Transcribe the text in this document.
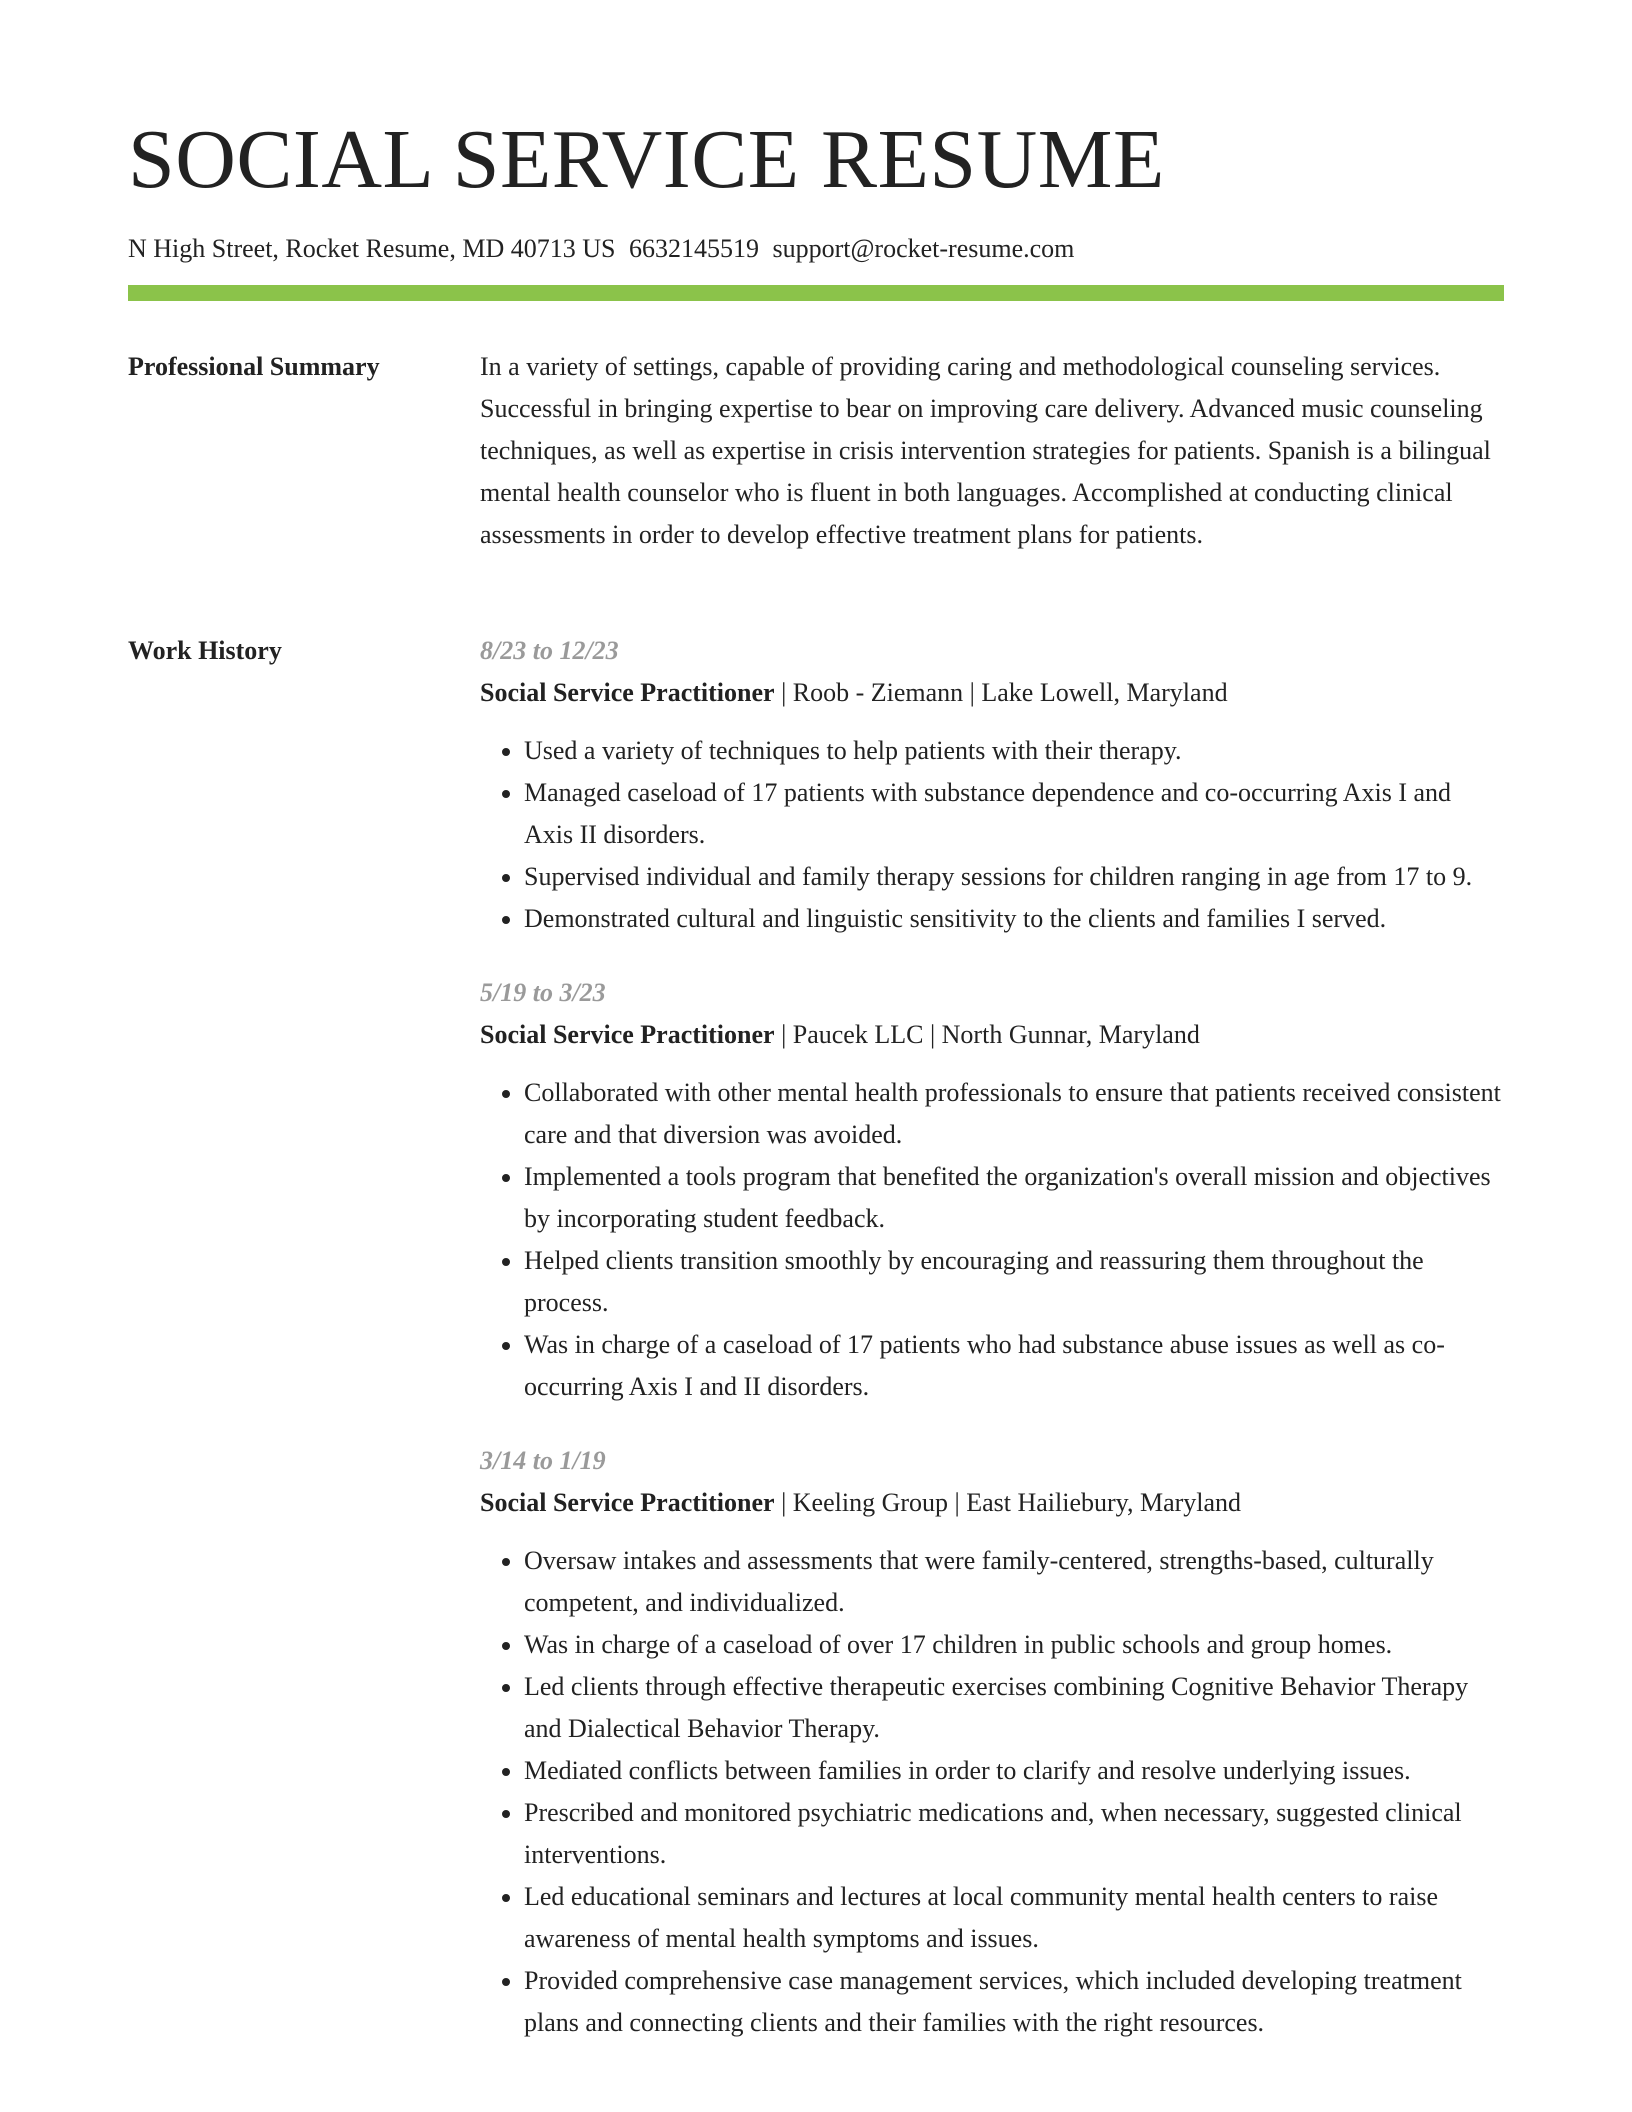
SOCIAL SERVICE RESUME
N High Street, Rocket Resume, MD 40713 US 6632145519 support@rocket-resume.com
Professional Summary	In a variety of settings, capable of providing caring and methodological counseling services. Successful in bringing expertise to bear on improving care delivery. Advanced music counseling techniques, as well as expertise in crisis intervention strategies for patients. Spanish is a bilingual mental health counselor who is fluent in both languages. Accomplished at conducting clinical assessments in order to develop effective treatment plans for patients.

Work History	8/23 to 12/23
Social Service Practitioner | Roob - Ziemann | Lake Lowell, Maryland
• Used a variety of techniques to help patients with their therapy.
• Managed caseload of 17 patients with substance dependence and co-occurring Axis I and Axis II disorders.
• Supervised individual and family therapy sessions for children ranging in age from 17 to 9.
• Demonstrated cultural and linguistic sensitivity to the clients and families I served.
5/19 to 3/23
Social Service Practitioner | Paucek LLC | North Gunnar, Maryland
• Collaborated with other mental health professionals to ensure that patients received consistent care and that diversion was avoided.
• Implemented a tools program that benefited the organization's overall mission and objectives by incorporating student feedback.
• Helped clients transition smoothly by encouraging and reassuring them throughout the process.
• Was in charge of a caseload of 17 patients who had substance abuse issues as well as co-occurring Axis I and II disorders.
3/14 to 1/19
Social Service Practitioner | Keeling Group | East Hailiebury, Maryland
• Oversaw intakes and assessments that were family-centered, strengths-based, culturally competent, and individualized.
• Was in charge of a caseload of over 17 children in public schools and group homes.
• Led clients through effective therapeutic exercises combining Cognitive Behavior Therapy and Dialectical Behavior Therapy.
• Mediated conflicts between families in order to clarify and resolve underlying issues.
• Prescribed and monitored psychiatric medications and, when necessary, suggested clinical interventions.
• Led educational seminars and lectures at local community mental health centers to raise awareness of mental health symptoms and issues.
• Provided comprehensive case management services, which included developing treatment plans and connecting clients and their families with the right resources.
